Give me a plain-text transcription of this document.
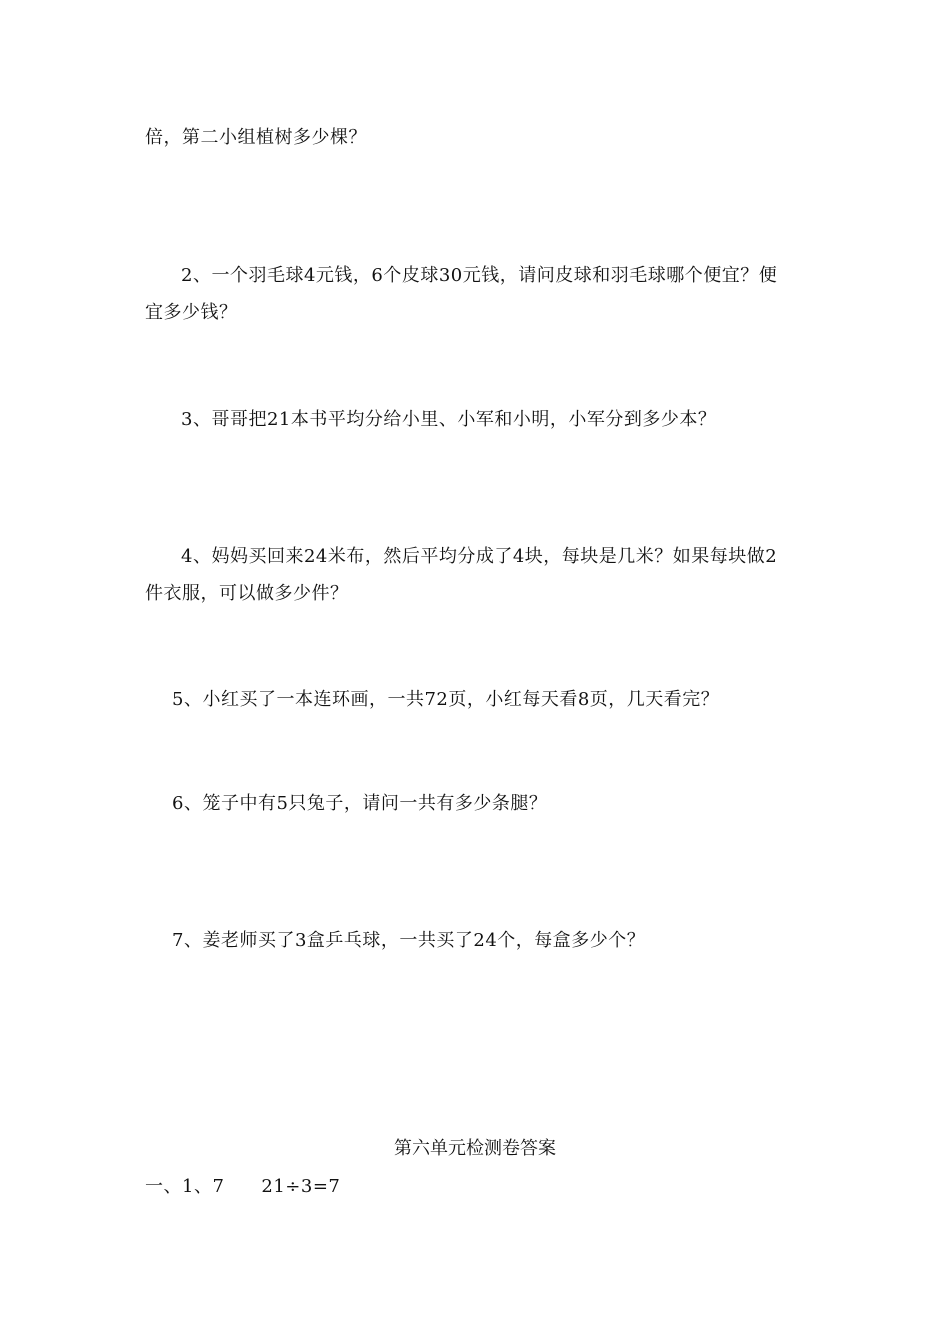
倍，第二小组植树多少棵？
2、一个羽毛球4元钱，6个皮球30元钱，请问皮球和羽毛球哪个便宜？便
宜多少钱？
3、哥哥把21本书平均分给小里、小军和小明，小军分到多少本？
4、妈妈买回来24米布，然后平均分成了4块，每块是几米？如果每块做2
件衣服，可以做多少件？
5、小红买了一本连环画，一共72页，小红每天看8页，几天看完？
6、笼子中有5只兔子，请问一共有多少条腿？
7、姜老师买了3盒乒乓球，一共买了24个，每盒多少个？
第六单元检测卷答案
一、1、7　　21÷3=7
